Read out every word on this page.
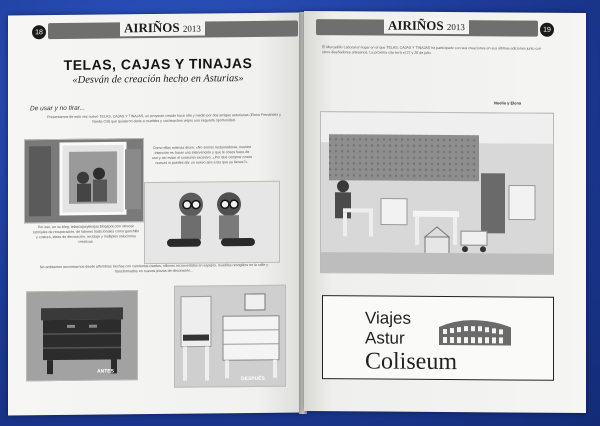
AIRIÑOS 2013
18
TELAS, CAJAS Y TINAJAS
«Desván de creación hecho en Asturias»
De usar y no tirar...
Presentamos de esta vez nuevo TELAS, CAJAS Y TINAJAS, un proyecto creado hace año y medio por dos amigas asturianas (Elena Fernández y Noelia Cid) que quisieron darle a muebles y cachivaches viejos una segunda oportunidad.
Como ellas mismas dicen: «No somos restauradoras, nuestra intención es hacer una intervención y que le coses fuera de uso y así evitar el consumo excesivo. ¿Por qué comprar cosas nuevas si puedes dar un nuevo aire a las que ya tienes?».
Por eso, en su blog, telascajasytinajas.blogspot.com ofrecen tutoriales de recuperación, de labores tradicionales como ganchillo y costura, ideas de decoración, reciclaje y múltiples soluciones creativas.
No ambienten encontrarnos desde alfombras hechas con camisetas usadas, sillones reconvertidos en espejos, muebles recogidos en la calle y transformados en nuevas piezas de decoración...
ANTES
DESPUÉS
AIRIÑOS 2013	19
El Mercadillo Laboral en lugar en el que TELAS, CAJAS Y TINAJAS ha participado con sus creaciones en sus últimas ediciones junto con otros diseñadores artesanos. La próxima cita será el 27 y 28 de julio.
Noelia y Elena
Viajes
Astur
Coliseum
